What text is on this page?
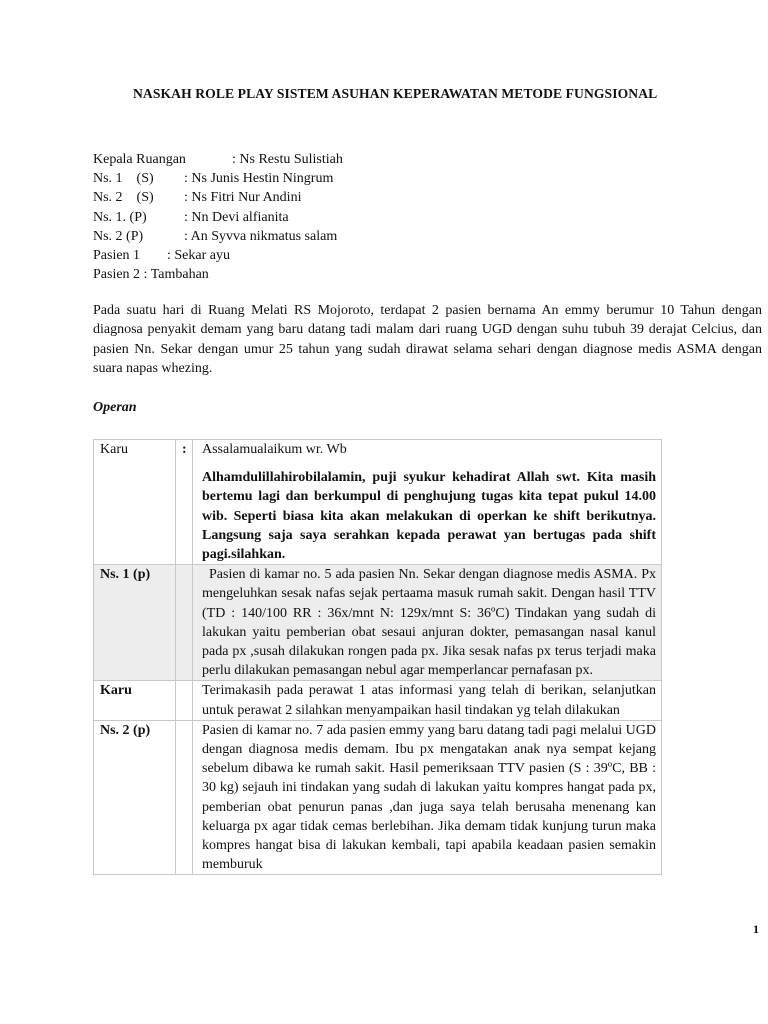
NASKAH ROLE PLAY SISTEM ASUHAN KEPERAWATAN METODE FUNGSIONAL
Kepala Ruangan	: Ns Restu Sulistiah
Ns. 1    (S) : Ns Junis Hestin Ningrum
Ns. 2    (S) : Ns Fitri Nur Andini
Ns. 1. (P)	: Nn Devi alfianita
Ns. 2 (P)	: An Syvva nikmatus salam
Pasien 1 : Sekar ayu
Pasien 2 : Tambahan

Pada suatu hari di Ruang Melati RS Mojoroto, terdapat 2 pasien bernama An emmy berumur 10 Tahun dengan diagnosa penyakit demam yang baru datang tadi malam dari ruang UGD dengan suhu tubuh 39 derajat Celcius, dan pasien Nn. Sekar dengan umur 25 tahun yang sudah dirawat selama sehari dengan diagnose medis ASMA dengan suara napas whezing.

Operan

Karu	:	Assalamualaikum wr. Wb
Alhamdulillahirobilalamin, puji syukur kehadirat Allah swt. Kita masih bertemu lagi dan berkumpul di penghujung tugas kita tepat pukul 14.00 wib. Seperti biasa kita akan melakukan di operkan ke shift berikutnya. Langsung saja saya serahkan kepada perawat yan bertugas pada shift pagi.silahkan.
Ns. 1 (p)		Pasien di kamar no. 5 ada pasien Nn. Sekar dengan diagnose medis ASMA. Px mengeluhkan sesak nafas sejak pertaama masuk rumah sakit. Dengan hasil TTV (TD : 140/100 RR : 36x/mnt N: 129x/mnt S: 36ºC) Tindakan yang sudah di lakukan yaitu pemberian obat sesaui anjuran dokter, pemasangan nasal kanul pada px ,susah dilakukan rongen pada px. Jika sesak nafas px terus terjadi maka perlu dilakukan pemasangan nebul agar memperlancar pernafasan px.
Karu		Terimakasih pada perawat 1 atas informasi yang telah di berikan, selanjutkan untuk perawat 2 silahkan menyampaikan hasil tindakan yg telah dilakukan
Ns. 2 (p)		Pasien di kamar no. 7 ada pasien emmy yang baru datang tadi pagi melalui UGD dengan diagnosa medis demam. Ibu px mengatakan anak nya sempat kejang sebelum dibawa ke rumah sakit. Hasil pemeriksaan TTV pasien (S : 39ºC, BB : 30 kg) sejauh ini tindakan yang sudah di lakukan yaitu kompres hangat pada px, pemberian obat penurun panas ,dan juga saya telah berusaha menenang kan keluarga px agar tidak cemas berlebihan. Jika demam tidak kunjung turun maka kompres hangat bisa di lakukan kembali, tapi apabila keadaan pasien semakin memburuk
1
